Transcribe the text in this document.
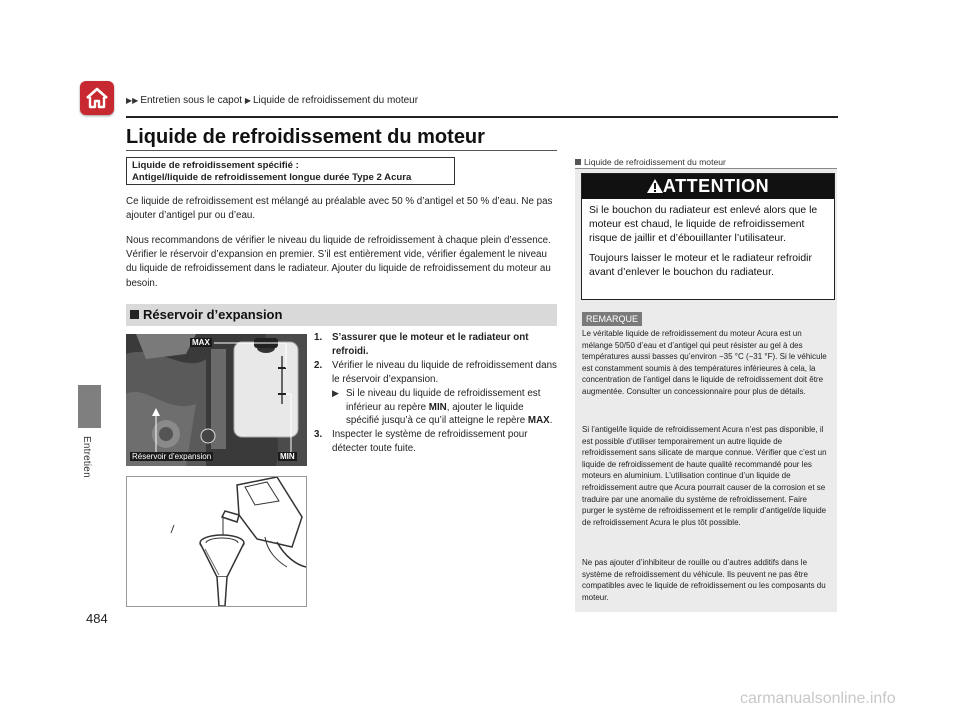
▶▶ Entretien sous le capot ▶ Liquide de refroidissement du moteur
Entretien
484
Liquide de refroidissement du moteur
Liquide de refroidissement spécifié :
Antigel/liquide de refroidissement longue durée Type 2 Acura
Ce liquide de refroidissement est mélangé au préalable avec 50 % d’antigel et 50 % d’eau. Ne pas ajouter d’antigel pur ou d’eau.
Nous recommandons de vérifier le niveau du liquide de refroidissement à chaque plein d’essence. Vérifier le réservoir d’expansion en premier. S’il est entièrement vide, vérifier également le niveau du liquide de refroidissement dans le radiateur. Ajouter du liquide de refroidissement du moteur au besoin.
Réservoir d’expansion
MAX
MIN
Réservoir d’expansion
1. S’assurer que le moteur et le radiateur ont refroidi.
2. Vérifier le niveau du liquide de refroidissement dans le réservoir d’expansion.
▶ Si le niveau du liquide de refroidissement est inférieur au repère MIN, ajouter le liquide spécifié jusqu’à ce qu’il atteigne le repère MAX.
3. Inspecter le système de refroidissement pour détecter toute fuite.
Liquide de refroidissement du moteur
ATTENTION
Si le bouchon du radiateur est enlevé alors que le moteur est chaud, le liquide de refroidissement risque de jaillir et d’ébouillanter l’utilisateur.
Toujours laisser le moteur et le radiateur refroidir avant d’enlever le bouchon du radiateur.
REMARQUE
Le véritable liquide de refroidissement du moteur Acura est un mélange 50/50 d’eau et d’antigel qui peut résister au gel à des températures aussi basses qu’environ −35 °C (−31 °F). Si le véhicule est constamment soumis à des températures inférieures à cela, la concentration de l’antigel dans le liquide de refroidissement doit être augmentée. Consulter un concessionnaire pour plus de détails.
Si l’antigel/le liquide de refroidissement Acura n’est pas disponible, il est possible d’utiliser temporairement un autre liquide de refroidissement sans silicate de marque connue. Vérifier que c’est un liquide de refroidissement de haute qualité recommandé pour les moteurs en aluminium. L’utilisation continue d’un liquide de refroidissement autre que Acura pourrait causer de la corrosion et se traduire par une anomalie du système de refroidissement. Faire purger le système de refroidissement et le remplir d’antigel/de liquide de refroidissement Acura le plus tôt possible.
Ne pas ajouter d’inhibiteur de rouille ou d’autres additifs dans le système de refroidissement du véhicule. Ils peuvent ne pas être compatibles avec le liquide de refroidissement ou les composants du moteur.
carmanualsonline.info
